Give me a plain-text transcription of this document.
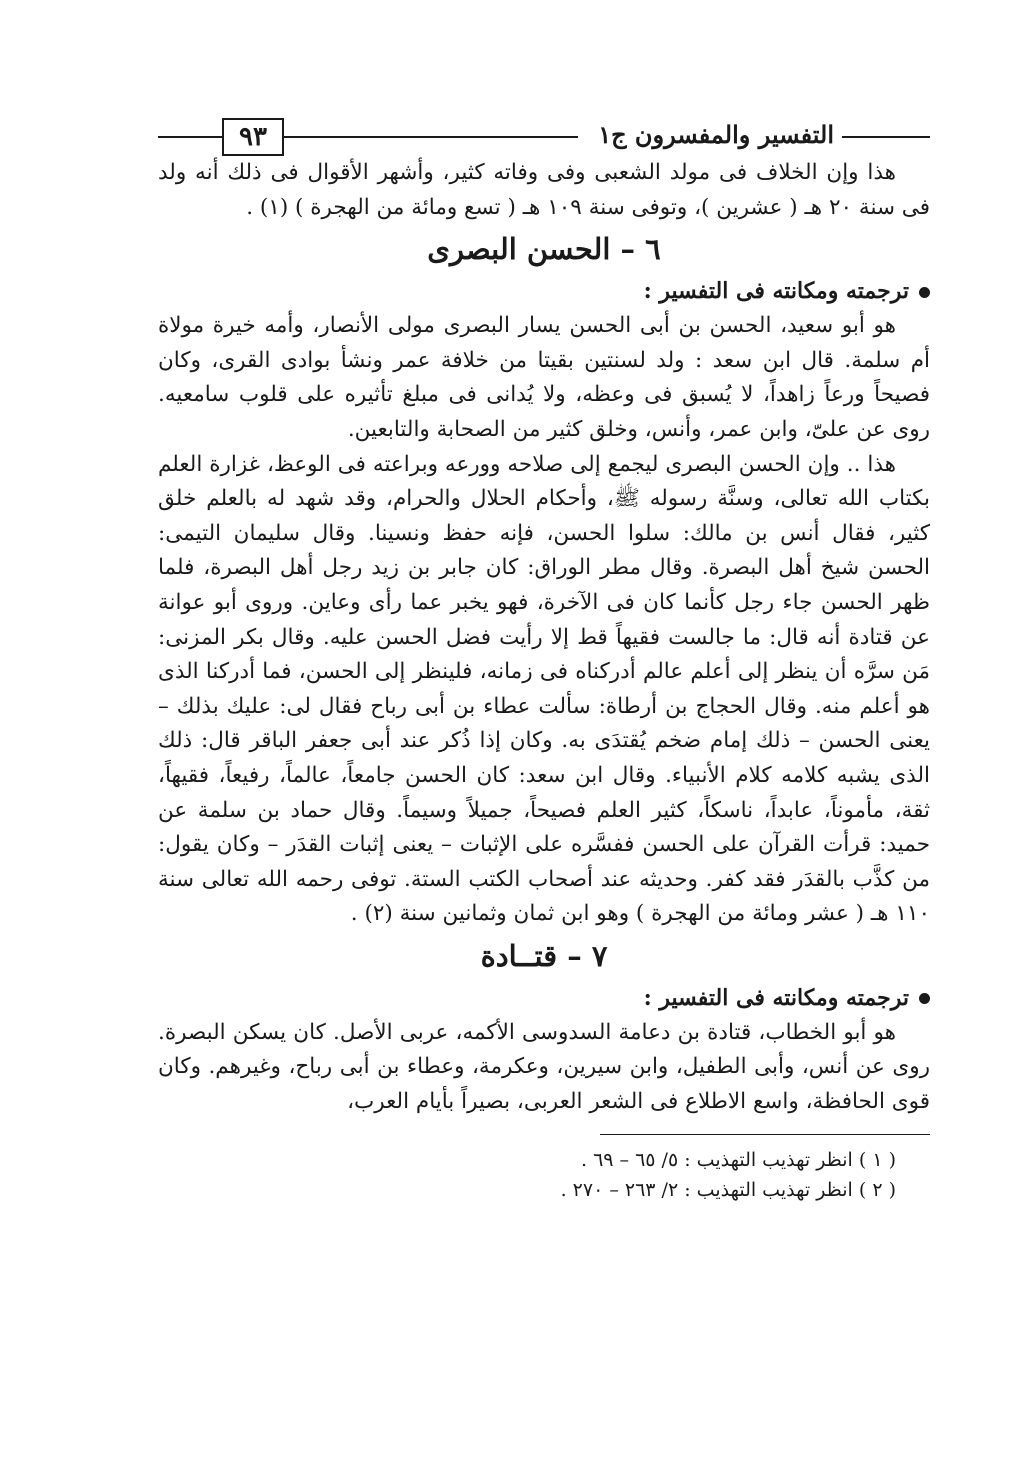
التفسير والمفسرون ج١
٩٣

هذا وإن الخلاف فى مولد الشعبى وفى وفاته كثير، وأشهر الأقوال فى ذلك أنه ولد فى سنة ٢٠ هـ ( عشرين )، وتوفى سنة ١٠٩ هـ ( تسع ومائة من الهجرة ) (١) .

٦ – الحسن البصرى

ترجمته ومكانته فى التفسير :

هو أبو سعيد، الحسن بن أبى الحسن يسار البصرى مولى الأنصار، وأمه خيرة مولاة أم سلمة. قال ابن سعد : ولد لسنتين بقيتا من خلافة عمر ونشأ بوادى القرى، وكان فصيحاً ورعاً زاهداً، لا يُسبق فى وعظه، ولا يُدانى فى مبلغ تأثيره على قلوب سامعيه. روى عن علىّ، وابن عمر، وأنس، وخلق كثير من الصحابة والتابعين.

هذا .. وإن الحسن البصرى ليجمع إلى صلاحه وورعه وبراعته فى الوعظ، غزارة العلم بكتاب الله تعالى، وسنَّة رسوله ﷺ، وأحكام الحلال والحرام، وقد شهد له بالعلم خلق كثير، فقال أنس بن مالك: سلوا الحسن، فإنه حفظ ونسينا. وقال سليمان التيمى: الحسن شيخ أهل البصرة. وقال مطر الوراق: كان جابر بن زيد رجل أهل البصرة، فلما ظهر الحسن جاء رجل كأنما كان فى الآخرة، فهو يخبر عما رأى وعاين. وروى أبو عوانة عن قتادة أنه قال: ما جالست فقيهاً قط إلا رأيت فضل الحسن عليه. وقال بكر المزنى: مَن سرَّه أن ينظر إلى أعلم عالم أدركناه فى زمانه، فلينظر إلى الحسن، فما أدركنا الذى هو أعلم منه. وقال الحجاج بن أرطاة: سألت عطاء بن أبى رباح فقال لى: عليك بذلك – يعنى الحسن – ذلك إمام ضخم يُقتدَى به. وكان إذا ذُكر عند أبى جعفر الباقر قال: ذلك الذى يشبه كلامه كلام الأنبياء. وقال ابن سعد: كان الحسن جامعاً، عالماً، رفيعاً، فقيهاً، ثقة، مأموناً، عابداً، ناسكاً، كثير العلم فصيحاً، جميلاً وسيماً. وقال حماد بن سلمة عن حميد: قرأت القرآن على الحسن ففسَّره على الإثبات – يعنى إثبات القدَر – وكان يقول: من كذَّب بالقدَر فقد كفر. وحديثه عند أصحاب الكتب الستة. توفى رحمه الله تعالى سنة ١١٠ هـ ( عشر ومائة من الهجرة ) وهو ابن ثمان وثمانين سنة (٢) .

٧ – قتــادة

ترجمته ومكانته فى التفسير :

هو أبو الخطاب، قتادة بن دعامة السدوسى الأكمه، عربى الأصل. كان يسكن البصرة. روى عن أنس، وأبى الطفيل، وابن سيرين، وعكرمة، وعطاء بن أبى رباح، وغيرهم. وكان قوى الحافظة، واسع الاطلاع فى الشعر العربى، بصيراً بأيام العرب،

( ١ ) انظر تهذيب التهذيب : ٥/ ٦٥ – ٦٩ .

( ٢ ) انظر تهذيب التهذيب : ٢/ ٢٦٣ – ٢٧٠ .
